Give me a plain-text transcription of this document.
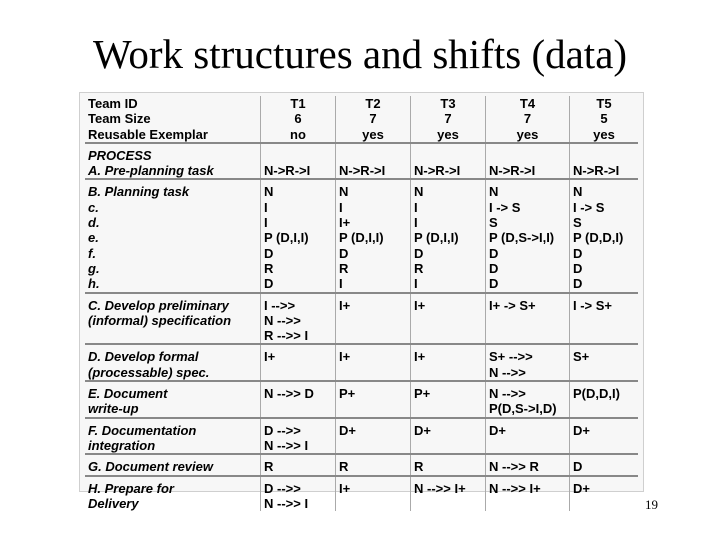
Work structures and shifts (data)
Team ID	T1	T2	T3	T4	T5
Team Size	6	7	7	7	5
Reusable Exemplar	no	yes	yes	yes	yes

PROCESS					
A. Pre-planning task	N->R->I	N->R->I	N->R->I	N->R->I	N->R->I

B. Planning task	N	N	N	N	N
c.	I	I	I	I -> S	I -> S
d.	I	I+	I	S	S
e.	P (D,I,I)	P (D,I,I)	P (D,I,I)	P (D,S->I,I)	P (D,D,I)
f.	D	D	D	D	D
g.	R	R	R	D	D
h.	D	I	I	D	D

C. Develop preliminary	I -->>	I+	I+	I+ -> S+	I -> S+
(informal) specification	N -->>				
	R -->> I				

D. Develop formal	I+	I+	I+	S+ -->>	S+
(processable) spec.				N -->>	

E. Document	N -->> D	P+	P+	N -->>	P(D,D,I)
write-up				P(D,S->I,D)	

F. Documentation	D -->>	D+	D+	D+	D+
integration	N -->> I				

G. Document review	R	R	R	N -->> R	D

H. Prepare for	D -->>	I+	N -->> I+	N -->> I+	D+
Delivery	N -->> I					19
